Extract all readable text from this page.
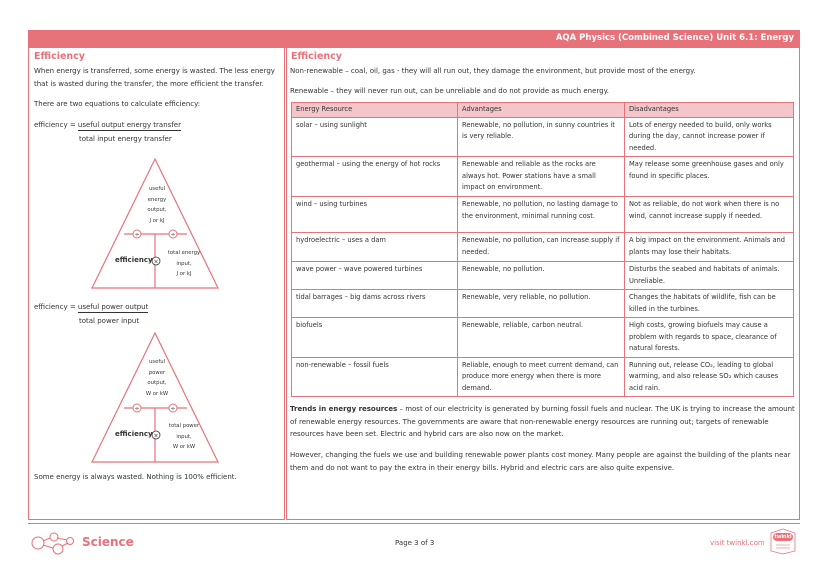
AQA Physics (Combined Science) Unit 6.1: Energy
Efficiency
When energy is transferred, some energy is wasted. The less energy that is wasted during the transfer, the more efficient the transfer.
There are two equations to calculate efficiency:
efficiency = useful output energy transfer
total input energy transfer
÷	÷
×
useful
energy
output,
J or kJ
efficiency
total energy
input,
J or kJ
efficiency = useful power output
total power input
÷	÷
×
useful
power
output,
W or kW
efficiency
total power
input,
W or kW
Some energy is always wasted. Nothing is 100% efficient.
Efficiency
Non-renewable – coal, oil, gas - they will all run out, they damage the environment, but provide most of the energy.
Renewable – they will never run out, can be unreliable and do not provide as much energy.
Energy Resource	Advantages	Disadvantages
solar – using sunlight	Renewable, no pollution, in sunny countries it is very reliable.	Lots of energy needed to build, only works during the day, cannot increase power if needed.
geothermal – using the energy of hot rocks	Renewable and reliable as the rocks are always hot. Power stations have a small impact on environment.	May release some greenhouse gases and only found in specific places.
wind – using turbines	Renewable, no pollution, no lasting damage to the environment, minimal running cost.	Not as reliable, do not work when there is no wind, cannot increase supply if needed.
hydroelectric – uses a dam	Renewable, no pollution, can increase supply if needed.	A big impact on the environment. Animals and plants may lose their habitats.
wave power – wave powered turbines	Renewable, no pollution.	Disturbs the seabed and habitats of animals. Unreliable.
tidal barrages – big dams across rivers	Renewable, very reliable, no pollution.	Changes the habitats of wildlife, fish can be killed in the turbines.
biofuels	Renewable, reliable, carbon neutral.	High costs, growing biofuels may cause a problem with regards to space, clearance of natural forests.
non-renewable – fossil fuels	Reliable, enough to meet current demand, can produce more energy when there is more demand.	Running out, release CO₂, leading to global warming, and also release SO₂ which causes acid rain.
Trends in energy resources – most of our electricity is generated by burning fossil fuels and nuclear. The UK is trying to increase the amount of renewable energy resources. The governments are aware that non-renewable energy resources are running out; targets of renewable resources have been set. Electric and hybrid cars are also now on the market.
However, changing the fuels we use and building renewable power plants cost money. Many people are against the building of the plants near them and do not want to pay the extra in their energy bills. Hybrid and electric cars are also quite expensive.
Science	Page 3 of 3	visit twinkl.com
twinkl
